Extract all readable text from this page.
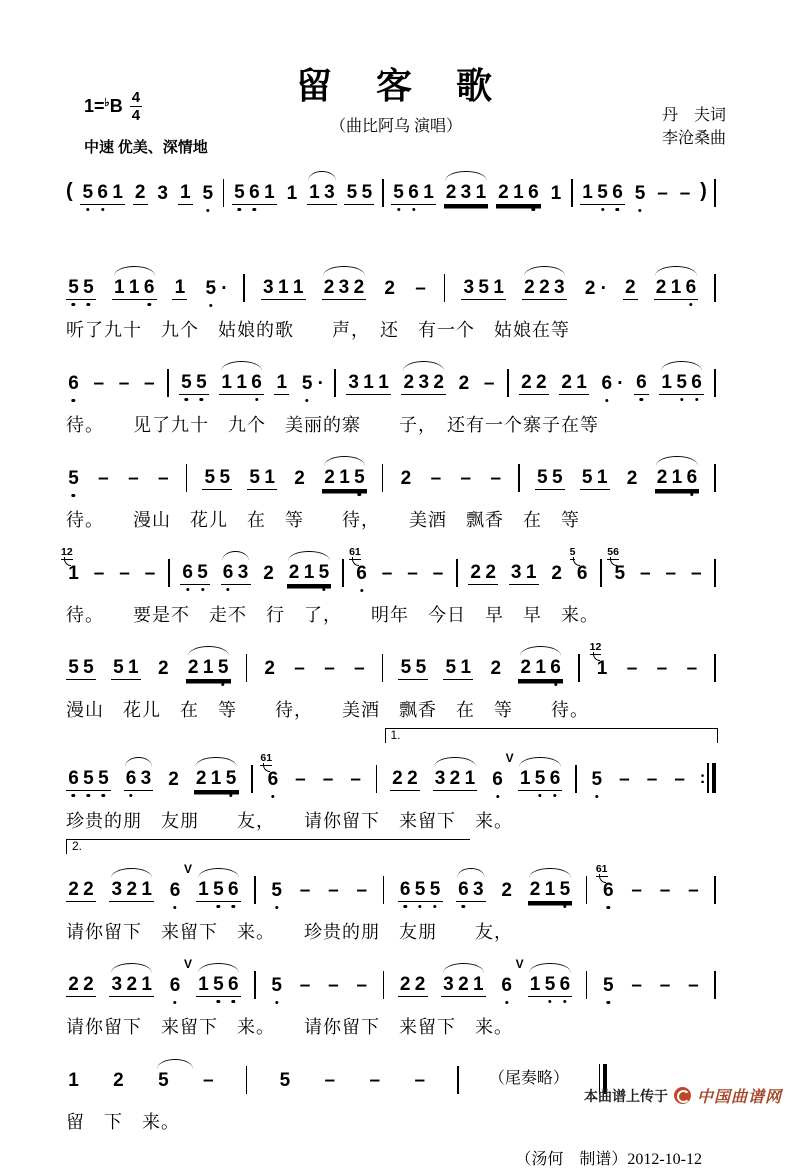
留　客　歌
$1=^♭B \frac{4}{4}$
（曲比阿乌 演唱）
丹　夫词
李沧桑曲
中速 优美、深情地
( 5 6 1 2 3 1 5 5 6 1 1 1 3 5 5 5 6 1 2 3 1 2 1 6 1 1 5 6 5 – – )
5 5 1 1 6 1 5 · 3 1 1 2 3 2 2 – 3 5 1 2 2 3 2 · 2 2 1 6
听了九十　九个　姑娘的歌　　声，　还　有一个　姑娘在等
6 – – – 5 5 1 1 6 1 5 · 3 1 1 2 3 2 2 – 2 2 2 1 6 · 6 1 5 6
待。　　见了九十　九个　美丽的寨　　子，　还有一个寨子在等
5 – – – 5 5 5 1 2 2 1 5 2 – – – 5 5 5 1 2 2 1 6
待。　　漫山　花儿　在　等　　待，　　美酒　飘香　在　等
12
1 – – – 6 5 6 3 2 2 1 5
61
6 – – – 2 2 3 1 2
5
6
56
5 – – –
待。　　要是不　走不　行　了，　　明年　今日　早　早　来。
5 5 5 1 2 2 1 5 2 – – – 5 5 5 1 2 2 1 6
12
1 – – –
漫山　花儿　在　等　　待，　　美酒　飘香　在　等　　待。
1.
6 5 5 6 3 2 2 1 5
61
6 – – – 2 2 3 2 1 6
V
1 5 6 5 – – – :
珍贵的朋　友朋　　友，　　请你留下　来留下　来。
2.
2 2 3 2 1 6
V
1 5 6 5 – – – 6 5 5 6 3 2 2 1 5
61
6 – – –
请你留下　来留下　来。　　珍贵的朋　友朋　　友，
2 2 3 2 1 6
V
1 5 6 5 – – – 2 2 3 2 1 6
V
1 5 6 5 – – –
请你留下　来留下　来。　　请你留下　来留下　来。
1 2 5 –	5 – – –	（尾奏略）
留　下　来。
（汤何　制谱）2012-10-12
本曲谱上传于 中国曲谱网
